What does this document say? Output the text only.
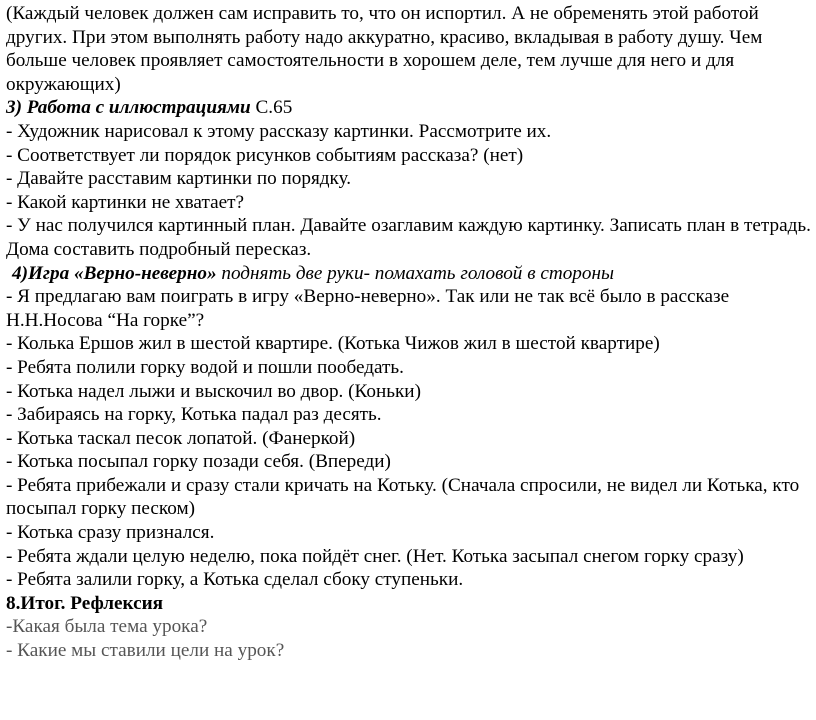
(Каждый человек должен сам исправить то, что он испортил. А не обременять этой работой других. При этом выполнять работу надо аккуратно, красиво, вкладывая в работу душу. Чем больше человек проявляет самостоятельности в хорошем деле, тем лучше для него и для окружающих)

3) Работа с иллюстрациями С.65

- Художник нарисовал к этому рассказу картинки. Рассмотрите их.

- Соответствует ли порядок рисунков событиям рассказа? (нет)

- Давайте расставим картинки по порядку.

- Какой картинки не хватает?

- У нас получился картинный план. Давайте озаглавим каждую картинку. Записать план в тетрадь. Дома составить подробный пересказ.

4)Игра «Верно-неверно» поднять две руки- помахать головой в стороны

- Я предлагаю вам поиграть в игру «Верно-неверно». Так или не так всё было в рассказе Н.Н.Носова “На горке”?

- Колька Ершов жил в шестой квартире. (Котька Чижов жил в шестой квартире)

- Ребята полили горку водой и пошли пообедать.

- Котька надел лыжи и выскочил во двор. (Коньки)

- Забираясь на горку, Котька падал раз десять.

- Котька таскал песок лопатой. (Фанеркой)

- Котька посыпал горку позади себя. (Впереди)

- Ребята прибежали и сразу стали кричать на Котьку. (Сначала спросили, не видел ли Котька, кто посыпал горку песком)

- Котька сразу признался.

- Ребята ждали целую неделю, пока пойдёт снег. (Нет. Котька засыпал снегом горку сразу)

- Ребята залили горку, а Котька сделал сбоку ступеньки.

8.Итог. Рефлексия

-Какая была тема урока?

- Какие мы ставили цели на урок?
